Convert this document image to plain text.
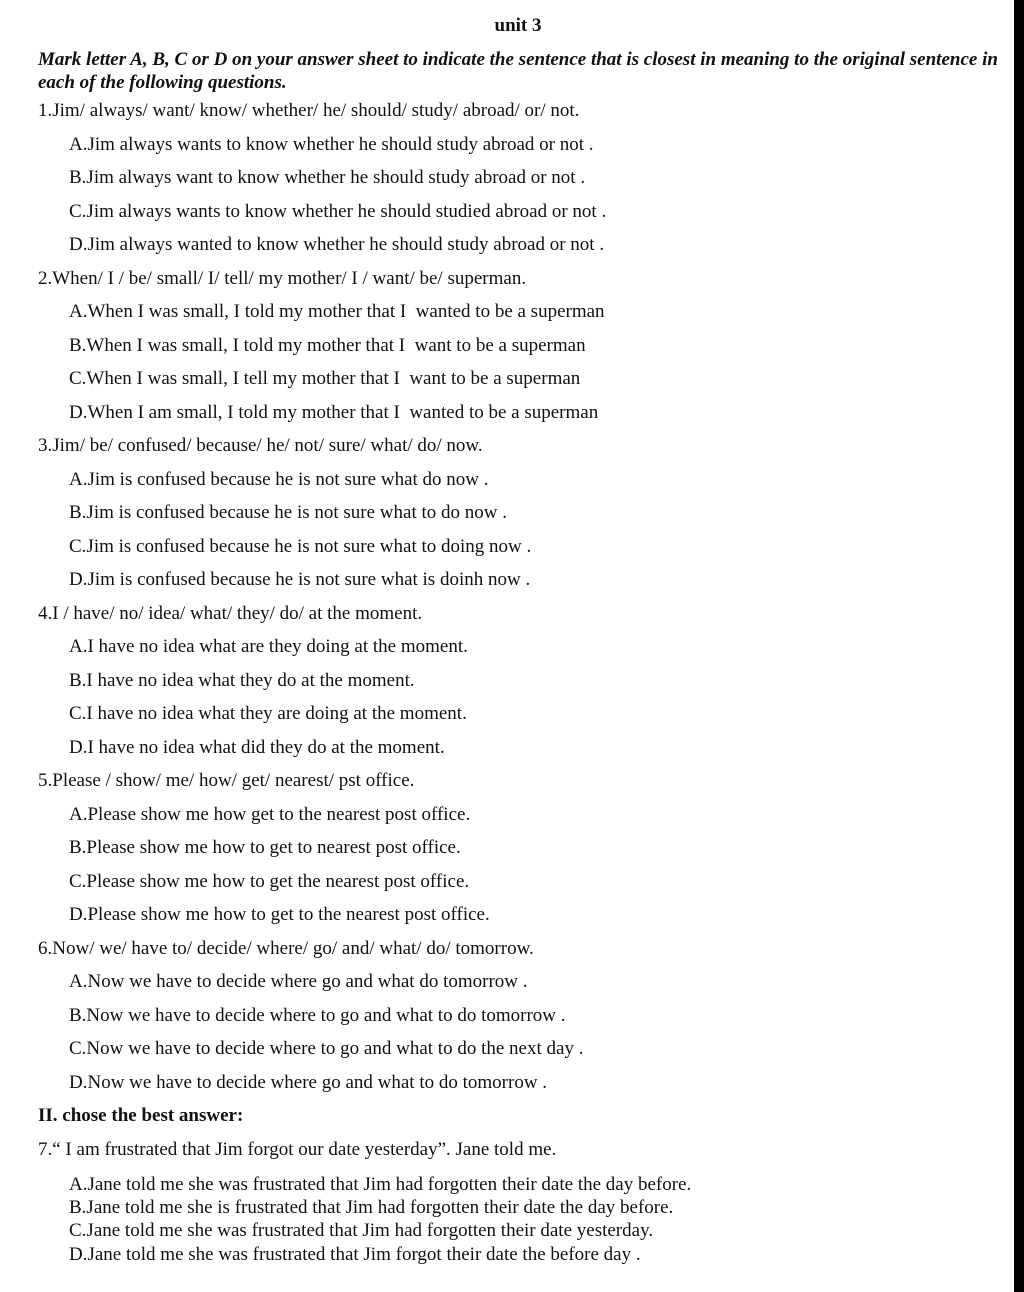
unit 3
Mark letter A, B, C or D on your answer sheet to indicate the sentence that is closest in meaning to the original sentence in each of the following questions.
1.Jim/ always/ want/ know/ whether/ he/ should/ study/ abroad/ or/ not.
A.Jim always wants to know whether he should study abroad or not .
B.Jim always want to know whether he should study abroad or not .
C.Jim always wants to know whether he should studied abroad or not .
D.Jim always wanted to know whether he should study abroad or not .
2.When/ I / be/ small/ I/ tell/ my mother/ I / want/ be/ superman.
A.When I was small, I told my mother that I  wanted to be a superman
B.When I was small, I told my mother that I  want to be a superman
C.When I was small, I tell my mother that I  want to be a superman
D.When I am small, I told my mother that I  wanted to be a superman
3.Jim/ be/ confused/ because/ he/ not/ sure/ what/ do/ now.
A.Jim is confused because he is not sure what do now .
B.Jim is confused because he is not sure what to do now .
C.Jim is confused because he is not sure what to doing now .
D.Jim is confused because he is not sure what is doinh now .
4.I / have/ no/ idea/ what/ they/ do/ at the moment.
A.I have no idea what are they doing at the moment.
B.I have no idea what they do at the moment.
C.I have no idea what they are doing at the moment.
D.I have no idea what did they do at the moment.
5.Please / show/ me/ how/ get/ nearest/ pst office.
A.Please show me how get to the nearest post office.
B.Please show me how to get to nearest post office.
C.Please show me how to get the nearest post office.
D.Please show me how to get to the nearest post office.
6.Now/ we/ have to/ decide/ where/ go/ and/ what/ do/ tomorrow.
A.Now we have to decide where go and what do tomorrow .
B.Now we have to decide where to go and what to do tomorrow .
C.Now we have to decide where to go and what to do the next day .
D.Now we have to decide where go and what to do tomorrow .
II. chose the best answer:
7.“ I am frustrated that Jim forgot our date yesterday”. Jane told me.
A.Jane told me she was frustrated that Jim had forgotten their date the day before.
B.Jane told me she is frustrated that Jim had forgotten their date the day before.
C.Jane told me she was frustrated that Jim had forgotten their date yesterday.
D.Jane told me she was frustrated that Jim forgot their date the before day .
